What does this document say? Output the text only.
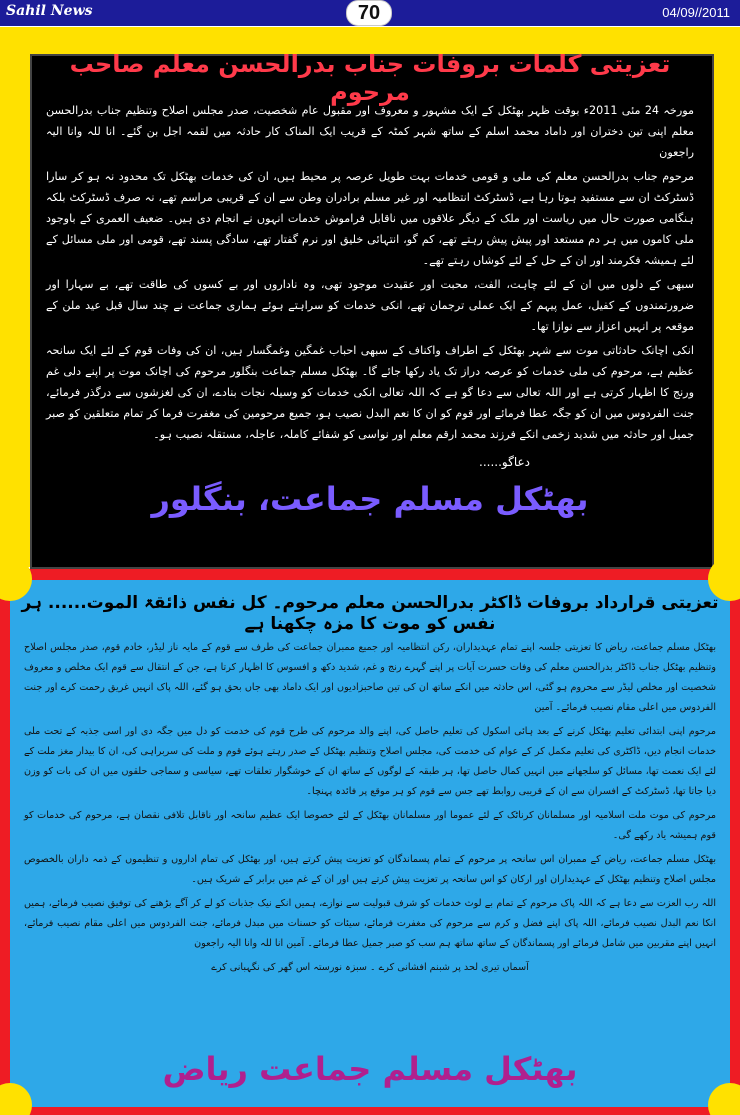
Sahil News	70	04/09//2011
تعزیتی کلمات بروفات جناب بدرالحسن معلم صاحب مرحوم

مورخہ 24 مئی 2011ء بوقت ظہر بھٹکل کے ایک مشہور و معروف اور مقبول عام شخصیت، صدر مجلس اصلاح وتنظیم جناب بدرالحسن معلم اپنی تین دختران اور داماد محمد اسلم کے ساتھ شہر کمٹہ کے قریب ایک المناک کار حادثہ میں لقمہ اجل بن گئے۔ انا للہ وانا الیہ راجعون

مرحوم جناب بدرالحسن معلم کی ملی و قومی خدمات بہت طویل عرصہ پر محیط ہیں، ان کی خدمات بھٹکل تک محدود نہ ہو کر سارا ڈسٹرکٹ ان سے مستفید ہوتا رہا ہے، ڈسٹرکٹ انتظامیہ اور غیر مسلم برادران وطن سے ان کے قریبی مراسم تھے، نہ صرف ڈسٹرکٹ بلکہ ہنگامی صورت حال میں ریاست اور ملک کے دیگر علاقوں میں ناقابل فراموش خدمات انہوں نے انجام دی ہیں۔ ضعیف العمری کے باوجود ملی کاموں میں ہر دم مستعد اور پیش پیش رہتے تھے، کم گو، انتہائی خلیق اور نرم گفتار تھے، سادگی پسند تھے، قومی اور ملی مسائل کے لئے ہمیشہ فکرمند اور ان کے حل کے لئے کوشاں رہتے تھے۔

سبھی کے دلوں میں ان کے لئے چاہت، الفت، محبت اور عقیدت موجود تھی، وہ ناداروں اور بے کسوں کی طاقت تھے، بے سہارا اور ضرورتمندوں کے کفیل، عمل پیہم کے ایک عملی ترجمان تھے، انکی خدمات کو سراہتے ہوئے ہماری جماعت نے چند سال قبل عید ملن کے موقعہ پر انہیں اعزاز سے نوازا تھا۔

انکی اچانک حادثاتی موت سے شہر بھٹکل کے اطراف واکناف کے سبھی احباب غمگین وغمگسار ہیں، ان کی وفات قوم کے لئے ایک سانحہ عظیم ہے، مرحوم کی ملی خدمات کو عرصہ دراز تک یاد رکھا جائے گا۔ بھٹکل مسلم جماعت بنگلور مرحوم کی اچانک موت پر اپنے دلی غم ورنج کا اظہار کرتی ہے اور اللہ تعالی سے دعا گو ہے کہ اللہ تعالی انکی خدمات کو وسیلہ نجات بنادے، ان کی لغزشوں سے درگذر فرمائے، جنت الفردوس میں ان کو جگہ عطا فرمائے اور قوم کو ان کا نعم البدل نصیب ہو، جمیع مرحومین کی مغفرت فرما کر تمام متعلقین کو صبر جمیل اور حادثہ میں شدید زخمی انکے فرزند محمد ارقم معلم اور نواسی کو شفائے کاملہ، عاجلہ، مستقلہ نصیب ہو۔

دعاگو......
بھٹکل مسلم جماعت، بنگلور
تعزیتی قرارداد بروفات ڈاکٹر بدرالحسن معلم مرحوم۔ کل نفس ذائقۃ الموت...... ہر نفس کو موت کا مزہ چکھنا ہے

بھٹکل مسلم جماعت، ریاض کا تعزیتی جلسہ اپنے تمام عہدیداران، رکن انتظامیہ اور جمیع ممبران جماعت کی طرف سے قوم کے مایہ ناز لیڈر، خادم قوم، صدر مجلس اصلاح وتنظیم بھٹکل جناب ڈاکٹر بدرالحسن معلم کی وفات حسرت آیات پر اپنے گہرے رنج و غم، شدید دکھ و افسوس کا اظہار کرتا ہے، جن کے انتقال سے قوم ایک مخلص و معروف شخصیت اور مخلص لیڈر سے محروم ہو گئی، اس حادثہ میں انکے ساتھ ان کی تین صاحبزادیوں اور ایک داماد بھی جاں بحق ہو گئے، اللہ پاک انہیں غریق رحمت کرے اور جنت الفردوس میں اعلی مقام نصیب فرمائے۔ آمین

مرحوم اپنی ابتدائی تعلیم بھٹکل کرنے کے بعد ہائی اسکول کی تعلیم حاصل کی، اپنے والد مرحوم کی طرح قوم کی خدمت کو دل میں جگہ دی اور اسی جذبہ کے تحت ملی خدمات انجام دیں، ڈاکٹری کی تعلیم مکمل کر کے عوام کی خدمت کی، مجلس اصلاح وتنظیم بھٹکل کے صدر رہتے ہوئے قوم و ملت کی سربراہی کی، ان کا بیدار مغز ملت کے لئے ایک نعمت تھا، مسائل کو سلجھانے میں انہیں کمال حاصل تھا، ہر طبقہ کے لوگوں کے ساتھ ان کے خوشگوار تعلقات تھے، سیاسی و سماجی حلقوں میں ان کی بات کو وزن دیا جاتا تھا، ڈسٹرکٹ کے افسران سے ان کے قریبی روابط تھے جس سے قوم کو ہر موقع پر فائدہ پہنچا۔

مرحوم کی موت ملت اسلامیہ اور مسلمانان کرناٹک کے لئے عموما اور مسلمانان بھٹکل کے لئے خصوصا ایک عظیم سانحہ اور ناقابل تلافی نقصان ہے، مرحوم کی خدمات کو قوم ہمیشہ یاد رکھے گی۔

بھٹکل مسلم جماعت، ریاض کے ممبران اس سانحہ پر مرحوم کے تمام پسماندگان کو تعزیت پیش کرتے ہیں، اور بھٹکل کی تمام اداروں و تنظیموں کے ذمہ داران بالخصوص مجلس اصلاح وتنظیم بھٹکل کے عہدیداران اور ارکان کو اس سانحہ پر تعزیت پیش کرتے ہیں اور ان کے غم میں برابر کے شریک ہیں۔

اللہ رب العزت سے دعا ہے کہ اللہ پاک مرحوم کے تمام بے لوث خدمات کو شرف قبولیت سے نوازے، ہمیں انکے نیک جذبات کو لے کر آگے بڑھنے کی توفیق نصیب فرمائے، ہمیں انکا نعم البدل نصیب فرمائے، اللہ پاک اپنے فضل و کرم سے مرحوم کی مغفرت فرمائے، سیئات کو حسنات میں مبدل فرمائے، جنت الفردوس میں اعلی مقام نصیب فرمائے، انہیں اپنے مقربین میں شامل فرمائے اور پسماندگان کے ساتھ ساتھ ہم سب کو صبر جمیل عطا فرمائے۔ آمین انا للہ وانا الیہ راجعون

آسماں تیری لحد پر شبنم افشانی کرے ۔ سبزہ نورستہ اس گھر کی نگہبانی کرے

بھٹکل مسلم جماعت ریاض
